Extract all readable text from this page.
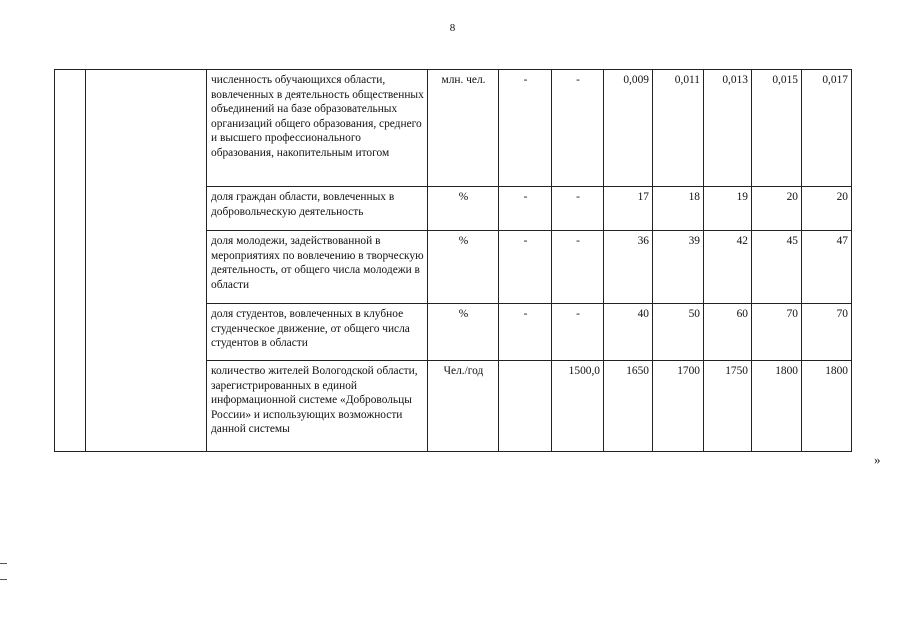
8
		численность обучающихся области, вовлеченных в деятельность общественных объединений на базе образовательных организаций общего образования, среднего и высшего профессионального образования, накопительным итогом	млн. чел.	-	-	0,009	0,011	0,013	0,015	0,017
		доля граждан области, вовлеченных в добровольческую деятельность	%	-	-	17	18	19	20	20
		доля молодежи, задействованной в мероприятиях по вовлечению в творческую деятельность, от общего числа молодежи в области	%	-	-	36	39	42	45	47
		доля студентов, вовлеченных в клубное студенческое движение, от общего числа студентов в области	%	-	-	40	50	60	70	70
		количество жителей Вологодской области, зарегистрированных в единой информационной системе «Добровольцы России» и использующих возможности данной системы	Чел./год		1500,0	1650	1700	1750	1800	1800
»
